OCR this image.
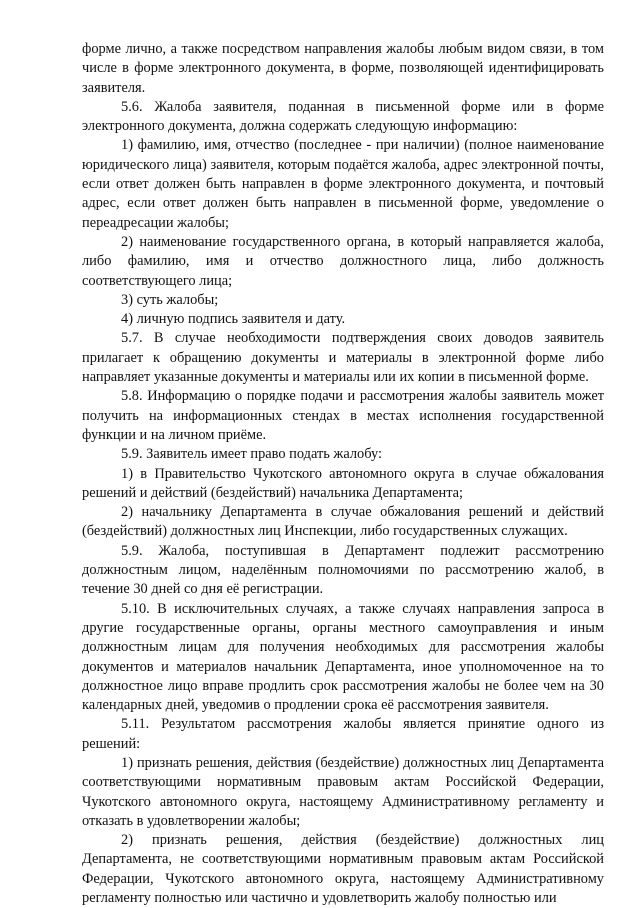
форме лично, а также посредством направления жалобы любым видом связи, в том числе в форме электронного документа, в форме, позволяющей идентифицировать заявителя.

5.6. Жалоба заявителя, поданная в письменной форме или в форме электронного документа, должна содержать следующую информацию:

1) фамилию, имя, отчество (последнее - при наличии) (полное наименование юридического лица) заявителя, которым подаётся жалоба, адрес электронной почты, если ответ должен быть направлен в форме электронного документа, и почтовый адрес, если ответ должен быть направлен в письменной форме, уведомление о переадресации жалобы;

2) наименование государственного органа, в который направляется жалоба, либо фамилию, имя и отчество должностного лица, либо должность соответствующего лица;

3) суть жалобы;

4) личную подпись заявителя и дату.

5.7. В случае необходимости подтверждения своих доводов заявитель прилагает к обращению документы и материалы в электронной форме либо направляет указанные документы и материалы или их копии в письменной форме.

5.8. Информацию о порядке подачи и рассмотрения жалобы заявитель может получить на информационных стендах в местах исполнения государственной функции и на личном приёме.

5.9. Заявитель имеет право подать жалобу:

1) в Правительство Чукотского автономного округа в случае обжалования решений и действий (бездействий) начальника Департамента;

2) начальнику Департамента в случае обжалования решений и действий (бездействий) должностных лиц Инспекции, либо государственных служащих.

5.9. Жалоба, поступившая в Департамент подлежит рассмотрению должностным лицом, наделённым полномочиями по рассмотрению жалоб, в течение 30 дней со дня её регистрации.

5.10. В исключительных случаях, а также случаях направления запроса в другие государственные органы, органы местного самоуправления и иным должностным лицам для получения необходимых для рассмотрения жалобы документов и материалов начальник Департамента, иное уполномоченное на то должностное лицо вправе продлить срок рассмотрения жалобы не более чем на 30 календарных дней, уведомив о продлении срока её рассмотрения заявителя.

5.11. Результатом рассмотрения жалобы является принятие одного из решений:

1) признать решения, действия (бездействие) должностных лиц Департамента соответствующими нормативным правовым актам Российской Федерации, Чукотского автономного округа, настоящему Административному регламенту и отказать в удовлетворении жалобы;

2) признать решения, действия (бездействие) должностных лиц Департамента, не соответствующими нормативным правовым актам Российской Федерации, Чукотского автономного округа, настоящему Административному регламенту полностью или частично и удовлетворить жалобу полностью или
